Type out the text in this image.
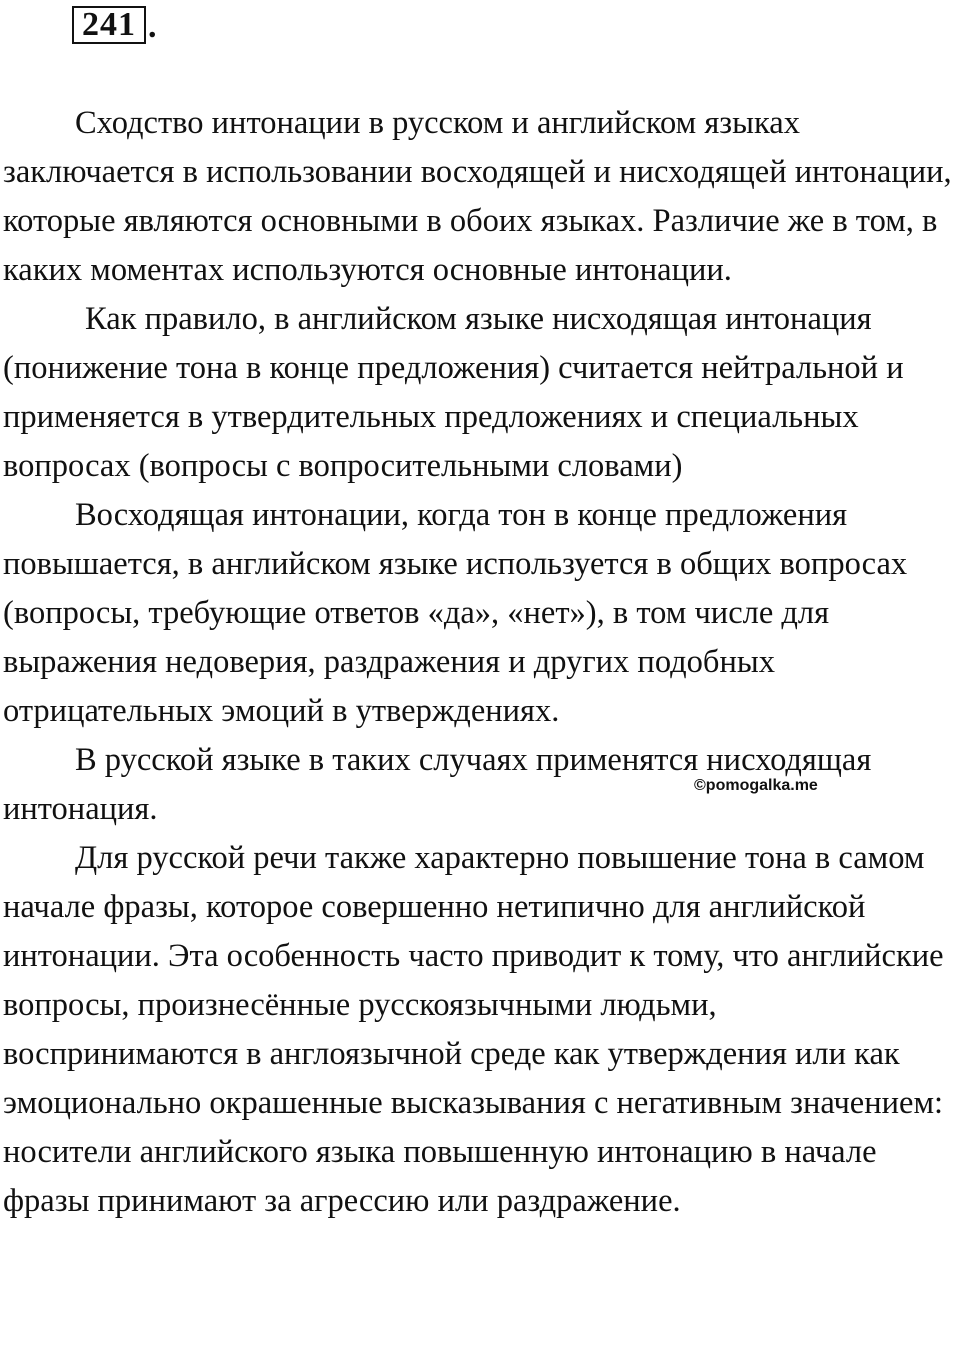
241 .

Сходство интонации в русском и английском языках заключается в использовании восходящей и нисходящей интонации, которые являются основными в обоих языках. Различие же в том, в каких моментах используются основные интонации.

Как правило, в английском языке нисходящая интонация (понижение тона в конце предложения) считается нейтральной и применяется в утвердительных предложениях и специальных вопросах (вопросы с вопросительными словами)

Восходящая интонации, когда тон в конце предложения повышается, в английском языке используется в общих вопросах (вопросы, требующие ответов «да», «нет»), в том числе для выражения недоверия, раздражения и других подобных отрицательных эмоций в утверждениях.

В русской языке в таких случаях применятся нисходящая интонация.

Для русской речи также характерно повышение тона в самом начале фразы, которое совершенно нетипично для английской интонации. Эта особенность часто приводит к тому, что английские вопросы, произнесённые русскоязычными людьми, воспринимаются в англоязычной среде как утверждения или как эмоционально окрашенные высказывания с негативным значением: носители английского языка повышенную интонацию в начале фразы принимают за агрессию или раздражение.

©pomogalka.me
